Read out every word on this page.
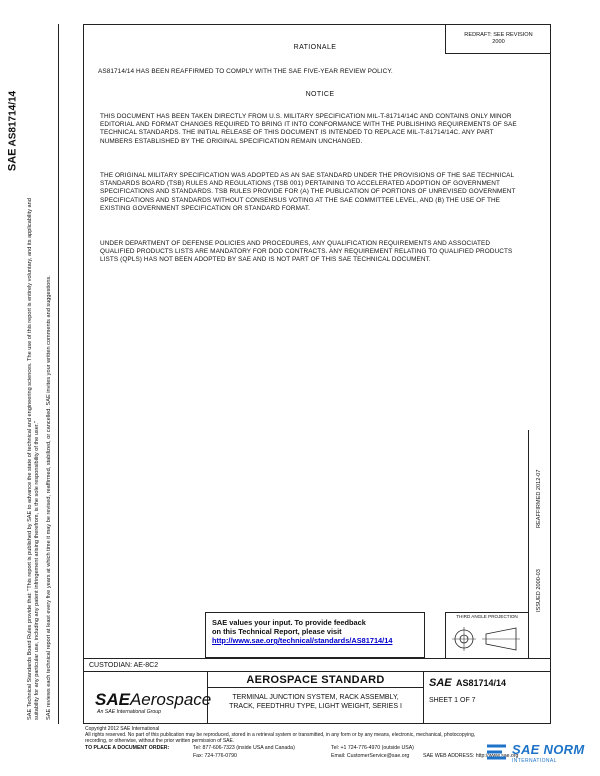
REDRAFT: SEE REVISION
2000
SAEAS81714/14
SAE Technical Standards Board Rules provide that: "This report is published by SAE to advance the state of technical and engineering sciences. The use of this report is entirely voluntary, and its applicability and suitability for any particular use, including any patent infringement arising therefrom, is the sole responsibility of the user." SAE reviews each technical report at least every five years at which time it may be revised, reaffirmed, stabilized, or cancelled. SAE invites your written comments and suggestions.
RATIONALE
AS81714/14 HAS BEEN REAFFIRMED TO COMPLY WITH THE SAE FIVE-YEAR REVIEW POLICY.
NOTICE
THIS DOCUMENT HAS BEEN TAKEN DIRECTLY FROM U.S. MILITARY SPECIFICATION MIL-T-81714/14C AND CONTAINS ONLY MINOR EDITORIAL AND FORMAT CHANGES REQUIRED TO BRING IT INTO CONFORMANCE WITH THE PUBLISHING REQUIREMENTS OF SAE TECHNICAL STANDARDS. THE INITIAL RELEASE OF THIS DOCUMENT IS INTENDED TO REPLACE MIL-T-81714/14C. ANY PART NUMBERS ESTABLISHED BY THE ORIGINAL SPECIFICATION REMAIN UNCHANGED.
THE ORIGINAL MILITARY SPECIFICATION WAS ADOPTED AS AN SAE STANDARD UNDER THE PROVISIONS OF THE SAE TECHNICAL STANDARDS BOARD (TSB) RULES AND REGULATIONS (TSB 001) PERTAINING TO ACCELERATED ADOPTION OF GOVERNMENT SPECIFICATIONS AND STANDARDS. TSB RULES PROVIDE FOR (A) THE PUBLICATION OF PORTIONS OF UNREVISED GOVERNMENT SPECIFICATIONS AND STANDARDS WITHOUT CONSENSUS VOTING AT THE SAE COMMITTEE LEVEL, AND (B) THE USE OF THE EXISTING GOVERNMENT SPECIFICATION OR STANDARD FORMAT.
UNDER DEPARTMENT OF DEFENSE POLICIES AND PROCEDURES, ANY QUALIFICATION REQUIREMENTS AND ASSOCIATED QUALIFIED PRODUCTS LISTS ARE MANDATORY FOR DOD CONTRACTS. ANY REQUIREMENT RELATING TO QUALIFIED PRODUCTS LISTS (QPLS) HAS NOT BEEN ADOPTED BY SAE AND IS NOT PART OF THIS SAE TECHNICAL DOCUMENT.
REAFFIRMED 2012-07
ISSUED 2000-03
SAE values your input. To provide feedback
on this Technical Report, please visit
http://www.sae.org/technical/standards/AS81714/14
THIRD ANGLE PROJECTION
CUSTODIAN: AE-8C2
SAEAerospace
An SAE International Group
AEROSPACE STANDARD
TERMINAL JUNCTION SYSTEM, RACK ASSEMBLY,
TRACK, FEEDTHRU TYPE, LIGHT WEIGHT, SERIES I
SAE AS81714/14
SHEET 1 OF 7
Copyright 2012 SAE International
All rights reserved. No part of this publication may be reproduced, stored in a retrieval system or transmitted, in any form or by any means, electronic, mechanical, photocopying,
recording, or otherwise, without the prior written permission of SAE.
TO PLACE A DOCUMENT ORDER:	Tel: 877-606-7323 (inside USA and Canada)	Tel: +1 724-776-4970 (outside USA)
Fax: 724-776-0790	Email: CustomerService@sae.org	SAE WEB ADDRESS: http://www.sae.org
SAE NORM
INTERNATIONAL
